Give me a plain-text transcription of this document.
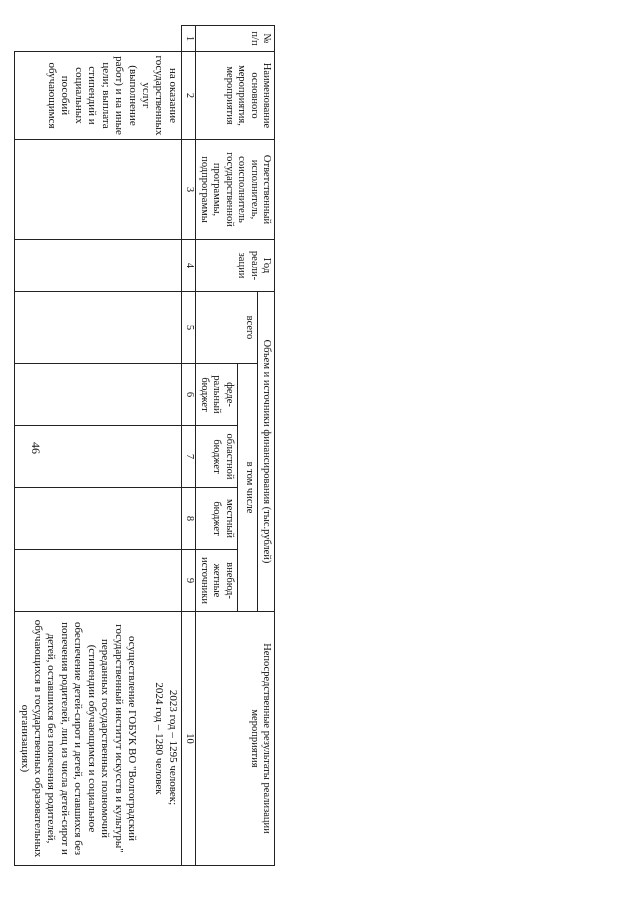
46
№ п/п	Наименование основного мероприятия, мероприятия	Ответственный исполнитель, соисполнитель государственной программы, подпрограммы	Год реали-зации	Объем и источники финансирования (тыс.рублей)					Непосредственные результаты реализации мероприятия
				всего	в том числе				
					феде-ральный бюджет	областной бюджет	местный бюджет	внебюд-жетные источники	
1	2	3	4	5	6	7	8	9	10
	на оказание государственных услуг (выполнение работ) и на иные цели; выплата стипендий и социальных пособий обучающимся								2023 год – 1295 человек;
2024 год – 1280 человек
осуществление ГОБУК ВО "Волгоградский государственный институт искусств и культуры" переданных государственных полномочий (стипендии обучающимся и социальное обеспечение детей-сирот и детей, оставшихся без попечения родителей, лиц из числа детей-сирот и детей, оставшихся без попечения родителей, обучающихся в государственных образовательных организациях)
